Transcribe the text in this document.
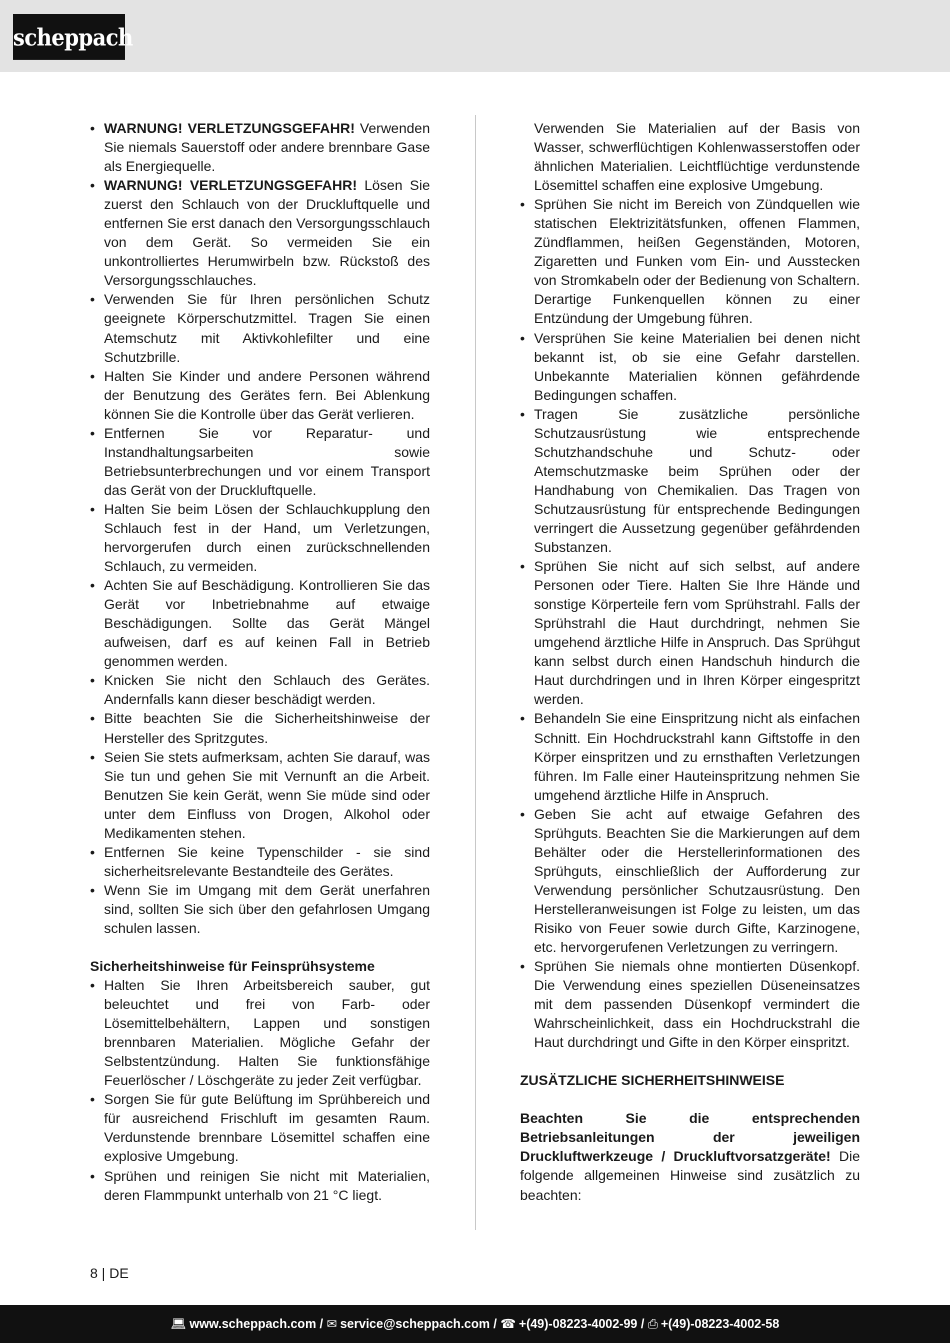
scheppach
• WARNUNG! VERLETZUNGSGEFAHR! Verwenden Sie niemals Sauerstoff oder andere brennbare Gase als Energiequelle.
• WARNUNG! VERLETZUNGSGEFAHR! Lösen Sie zuerst den Schlauch von der Druckluftquelle und entfernen Sie erst danach den Versorgungsschlauch von dem Gerät. So vermeiden Sie ein unkontrolliertes Herumwirbeln bzw. Rückstoß des Versorgungsschlauches.
• Verwenden Sie für Ihren persönlichen Schutz geeignete Körperschutzmittel. Tragen Sie einen Atemschutz mit Aktivkohlefilter und eine Schutzbrille.
• Halten Sie Kinder und andere Personen während der Benutzung des Gerätes fern. Bei Ablenkung können Sie die Kontrolle über das Gerät verlieren.
• Entfernen Sie vor Reparatur- und Instandhaltungsarbeiten sowie Betriebsunterbrechungen und vor einem Transport das Gerät von der Druckluftquelle.
• Halten Sie beim Lösen der Schlauchkupplung den Schlauch fest in der Hand, um Verletzungen, hervorgerufen durch einen zurückschnellenden Schlauch, zu vermeiden.
• Achten Sie auf Beschädigung. Kontrollieren Sie das Gerät vor Inbetriebnahme auf etwaige Beschädigungen. Sollte das Gerät Mängel aufweisen, darf es auf keinen Fall in Betrieb genommen werden.
• Knicken Sie nicht den Schlauch des Gerätes. Andernfalls kann dieser beschädigt werden.
• Bitte beachten Sie die Sicherheitshinweise der Hersteller des Spritzgutes.
• Seien Sie stets aufmerksam, achten Sie darauf, was Sie tun und gehen Sie mit Vernunft an die Arbeit. Benutzen Sie kein Gerät, wenn Sie müde sind oder unter dem Einfluss von Drogen, Alkohol oder Medikamenten stehen.
• Entfernen Sie keine Typenschilder - sie sind sicherheitsrelevante Bestandteile des Gerätes.
• Wenn Sie im Umgang mit dem Gerät unerfahren sind, sollten Sie sich über den gefahrlosen Umgang schulen lassen.

Sicherheitshinweise für Feinsprühsysteme

• Halten Sie Ihren Arbeitsbereich sauber, gut beleuchtet und frei von Farb- oder Lösemittelbehältern, Lappen und sonstigen brennbaren Materialien. Mögliche Gefahr der Selbstentzündung. Halten Sie funktionsfähige Feuerlöscher / Löschgeräte zu jeder Zeit verfügbar.
• Sorgen Sie für gute Belüftung im Sprühbereich und für ausreichend Frischluft im gesamten Raum. Verdunstende brennbare Lösemittel schaffen eine explosive Umgebung.
• Sprühen und reinigen Sie nicht mit Materialien, deren Flammpunkt unterhalb von 21 °C liegt.
Verwenden Sie Materialien auf der Basis von Wasser, schwerflüchtigen Kohlenwasserstoffen oder ähnlichen Materialien. Leichtflüchtige verdunstende Lösemittel schaffen eine explosive Umgebung.
• Sprühen Sie nicht im Bereich von Zündquellen wie statischen Elektrizitätsfunken, offenen Flammen, Zündflammen, heißen Gegenständen, Motoren, Zigaretten und Funken vom Ein- und Ausstecken von Stromkabeln oder der Bedienung von Schaltern. Derartige Funkenquellen können zu einer Entzündung der Umgebung führen.
• Versprühen Sie keine Materialien bei denen nicht bekannt ist, ob sie eine Gefahr darstellen. Unbekannte Materialien können gefährdende Bedingungen schaffen.
• Tragen Sie zusätzliche persönliche Schutzausrüstung wie entsprechende Schutzhandschuhe und Schutz- oder Atemschutzmaske beim Sprühen oder der Handhabung von Chemikalien. Das Tragen von Schutzausrüstung für entsprechende Bedingungen verringert die Aussetzung gegenüber gefährdenden Substanzen.
• Sprühen Sie nicht auf sich selbst, auf andere Personen oder Tiere. Halten Sie Ihre Hände und sonstige Körperteile fern vom Sprühstrahl. Falls der Sprühstrahl die Haut durchdringt, nehmen Sie umgehend ärztliche Hilfe in Anspruch. Das Sprühgut kann selbst durch einen Handschuh hindurch die Haut durchdringen und in Ihren Körper eingespritzt werden.
• Behandeln Sie eine Einspritzung nicht als einfachen Schnitt. Ein Hochdruckstrahl kann Giftstoffe in den Körper einspritzen und zu ernsthaften Verletzungen führen. Im Falle einer Hauteinspritzung nehmen Sie umgehend ärztliche Hilfe in Anspruch.
• Geben Sie acht auf etwaige Gefahren des Sprühguts. Beachten Sie die Markierungen auf dem Behälter oder die Herstellerinformationen des Sprühguts, einschließlich der Aufforderung zur Verwendung persönlicher Schutzausrüstung. Den Herstelleranweisungen ist Folge zu leisten, um das Risiko von Feuer sowie durch Gifte, Karzinogene, etc. hervorgerufenen Verletzungen zu verringern.
• Sprühen Sie niemals ohne montierten Düsenkopf. Die Verwendung eines speziellen Düseneinsatzes mit dem passenden Düsenkopf vermindert die Wahrscheinlichkeit, dass ein Hochdruckstrahl die Haut durchdringt und Gifte in den Körper einspritzt.

ZUSÄTZLICHE SICHERHEITSHINWEISE

Beachten Sie die entsprechenden Betriebsanleitungen der jeweiligen Druckluftwerkzeuge / Druckluftvorsatzgeräte! Die folgende allgemeinen Hinweise sind zusätzlich zu beachten:

8 | DE
💻︎ www.scheppach.com / ✉︎ service@scheppach.com / ☎︎ +(49)-08223-4002-99 / ⎙ +(49)-08223-4002-58
